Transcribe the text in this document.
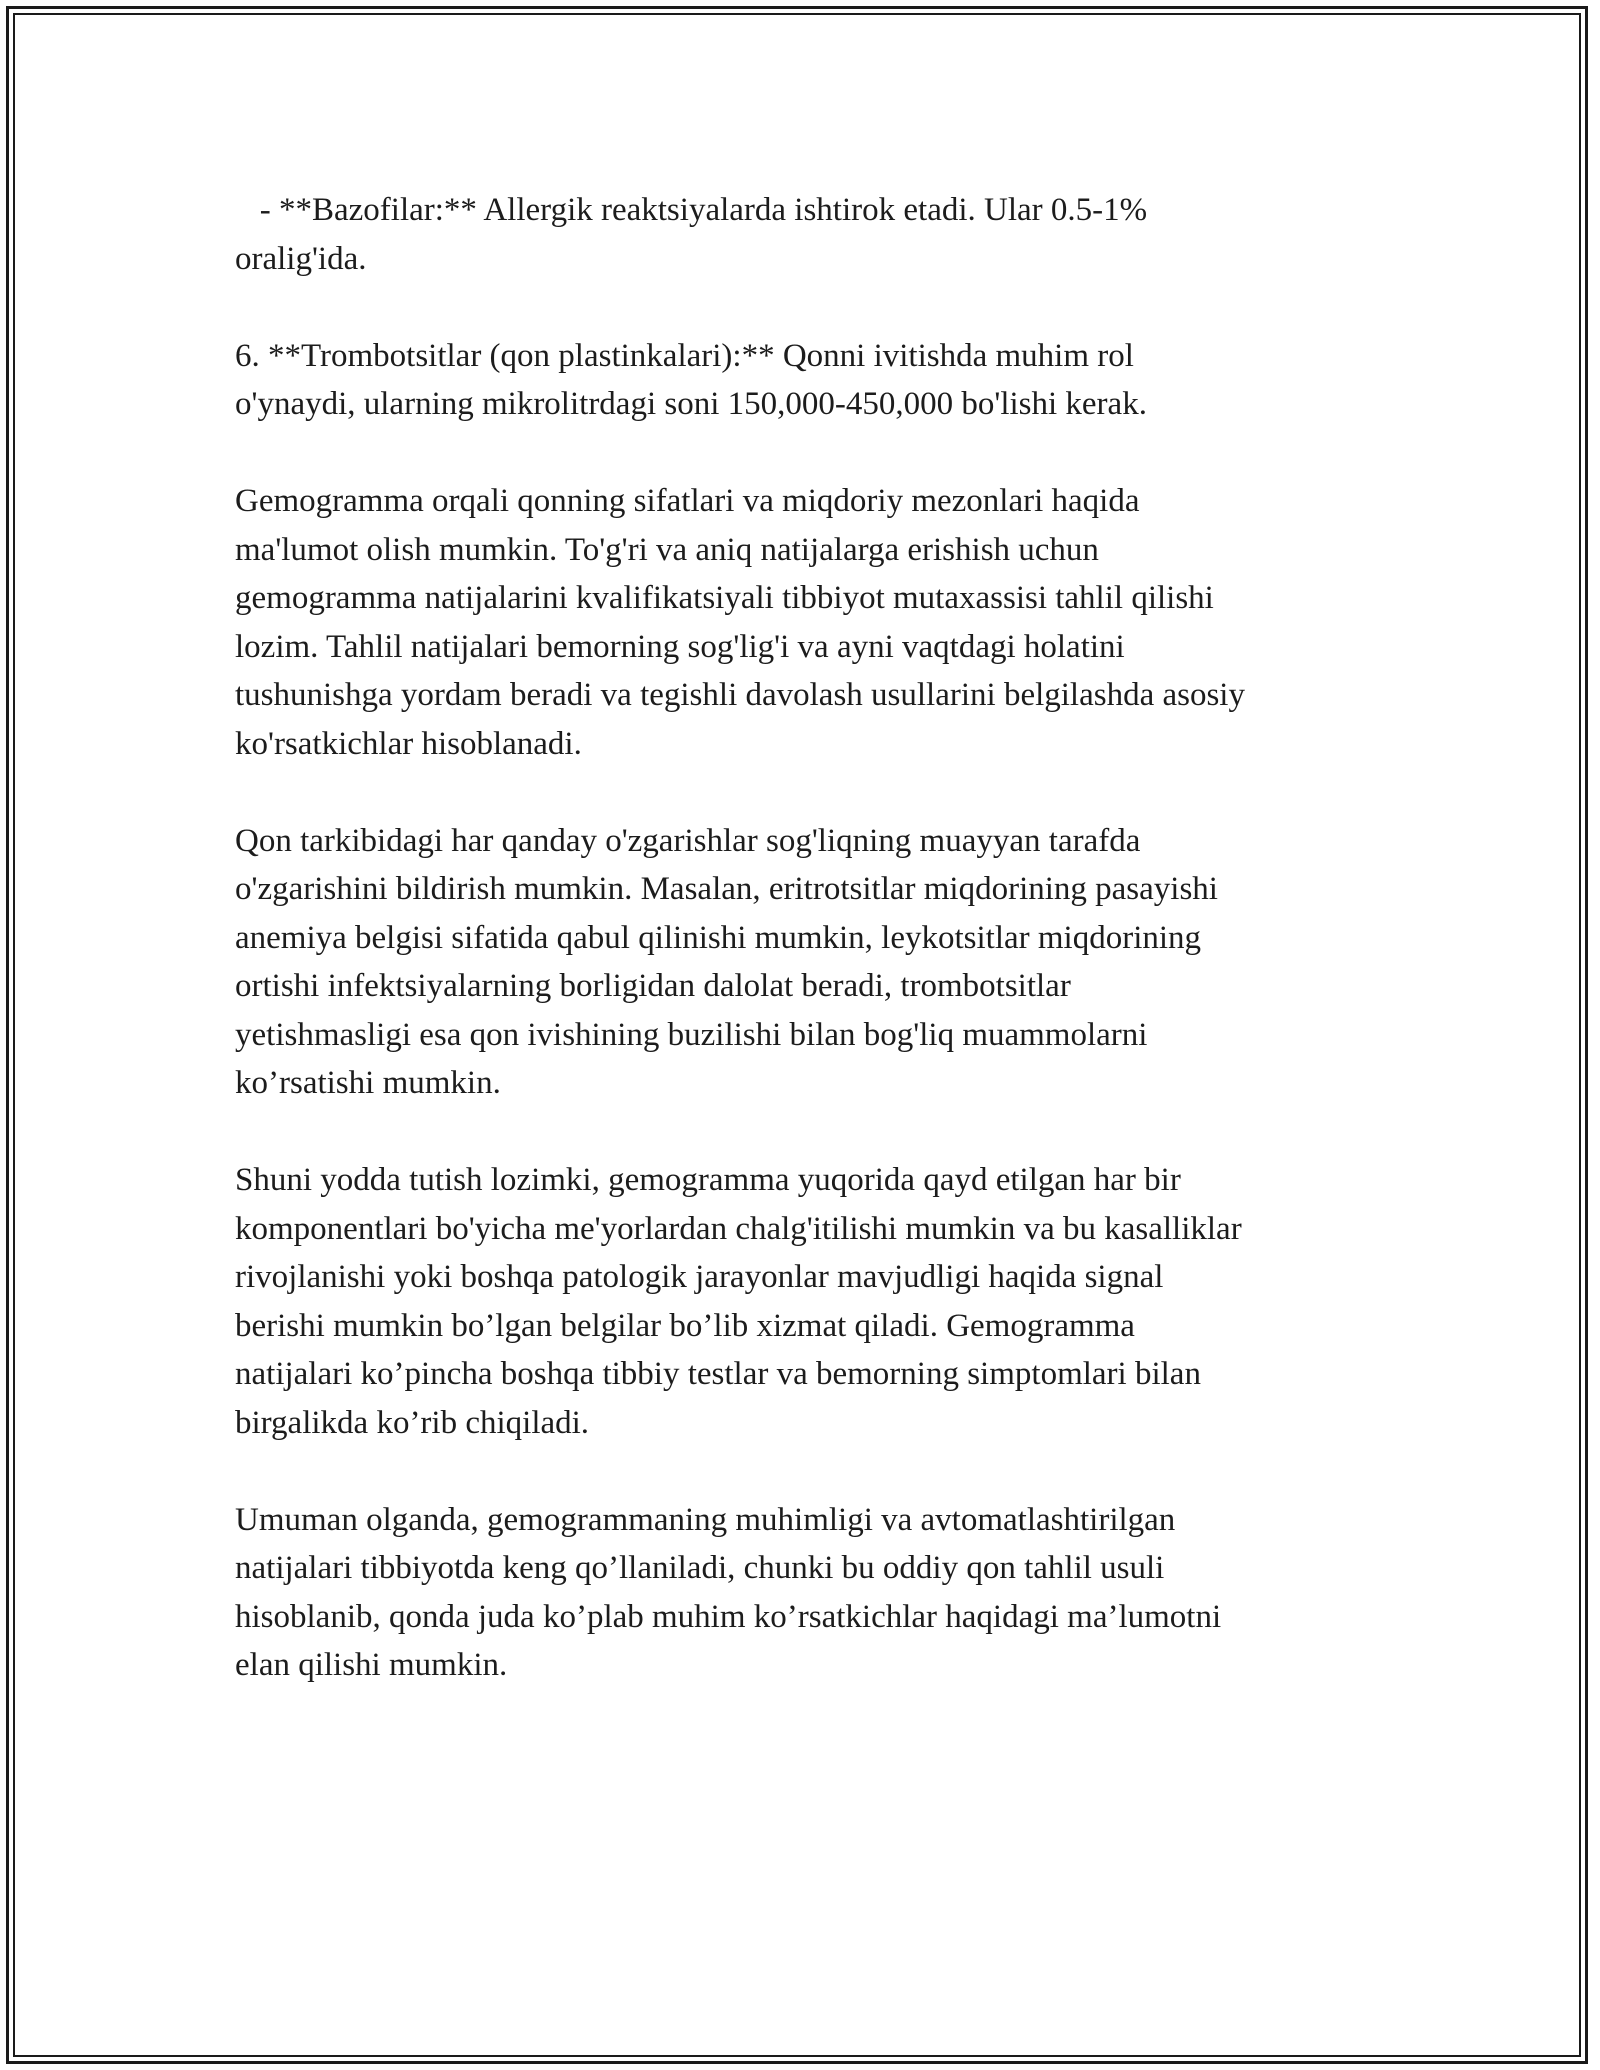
- **Bazofilar:** Allergik reaktsiyalarda ishtirok etadi. Ular 0.5-1%
oralig'ida.

6. **Trombotsitlar (qon plastinkalari):** Qonni ivitishda muhim rol
o'ynaydi, ularning mikrolitrdagi soni 150,000-450,000 bo'lishi kerak.

Gemogramma orqali qonning sifatlari va miqdoriy mezonlari haqida
ma'lumot olish mumkin. To'g'ri va aniq natijalarga erishish uchun
gemogramma natijalarini kvalifikatsiyali tibbiyot mutaxassisi tahlil qilishi
lozim. Tahlil natijalari bemorning sog'lig'i va ayni vaqtdagi holatini
tushunishga yordam beradi va tegishli davolash usullarini belgilashda asosiy
ko'rsatkichlar hisoblanadi.

Qon tarkibidagi har qanday o'zgarishlar sog'liqning muayyan tarafda
o'zgarishini bildirish mumkin. Masalan, eritrotsitlar miqdorining pasayishi
anemiya belgisi sifatida qabul qilinishi mumkin, leykotsitlar miqdorining
ortishi infektsiyalarning borligidan dalolat beradi, trombotsitlar
yetishmasligi esa qon ivishining buzilishi bilan bog'liq muammolarni
ko’rsatishi mumkin.

Shuni yodda tutish lozimki, gemogramma yuqorida qayd etilgan har bir
komponentlari bo'yicha me'yorlardan chalg'itilishi mumkin va bu kasalliklar
rivojlanishi yoki boshqa patologik jarayonlar mavjudligi haqida signal
berishi mumkin bo’lgan belgilar bo’lib xizmat qiladi. Gemogramma
natijalari ko’pincha boshqa tibbiy testlar va bemorning simptomlari bilan
birgalikda ko’rib chiqiladi.

Umuman olganda, gemogrammaning muhimligi va avtomatlashtirilgan
natijalari tibbiyotda keng qo’llaniladi, chunki bu oddiy qon tahlil usuli
hisoblanib, qonda juda ko’plab muhim ko’rsatkichlar haqidagi ma’lumotni
elan qilishi mumkin.
